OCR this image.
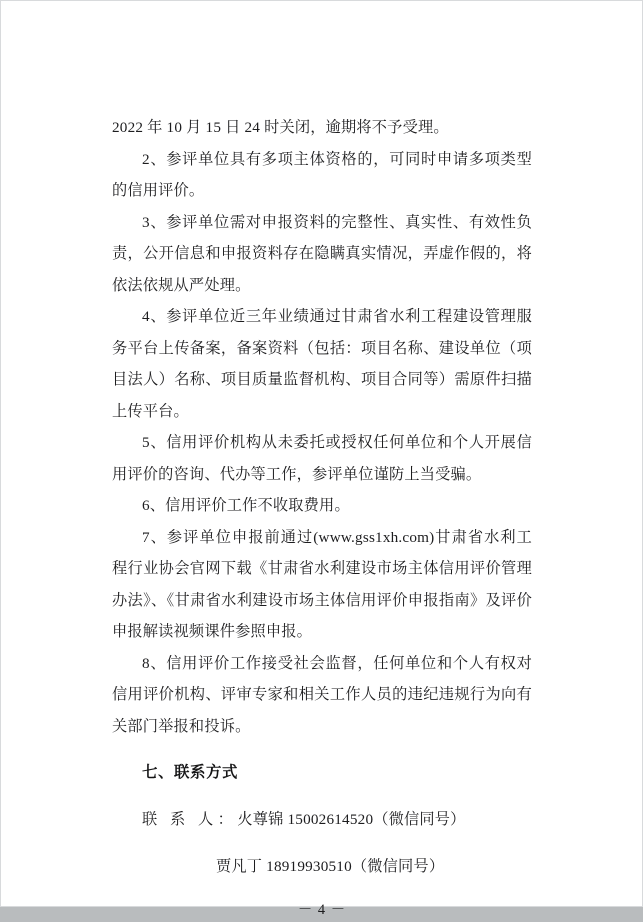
2022 年 10 月 15 日 24 时关闭，逾期将不予受理。

2、参评单位具有多项主体资格的，可同时申请多项类型的信用评价。

3、参评单位需对申报资料的完整性、真实性、有效性负责，公开信息和申报资料存在隐瞒真实情况，弄虚作假的，将依法依规从严处理。

4、参评单位近三年业绩通过甘肃省水利工程建设管理服务平台上传备案，备案资料（包括：项目名称、建设单位（项目法人）名称、项目质量监督机构、项目合同等）需原件扫描上传平台。

5、信用评价机构从未委托或授权任何单位和个人开展信用评价的咨询、代办等工作，参评单位谨防上当受骗。

6、信用评价工作不收取费用。

7、参评单位申报前通过(www.gss1xh.com)甘肃省水利工程行业协会官网下载《甘肃省水利建设市场主体信用评价管理办法》、《甘肃省水利建设市场主体信用评价申报指南》及评价申报解读视频课件参照申报。

8、信用评价工作接受社会监督，任何单位和个人有权对信用评价机构、评审专家和相关工作人员的违纪违规行为向有关部门举报和投诉。

七、联系方式

联 系 人：火尊锦 15002614520（微信同号）

贾凡丁 18919930510（微信同号）

－ 4 －
